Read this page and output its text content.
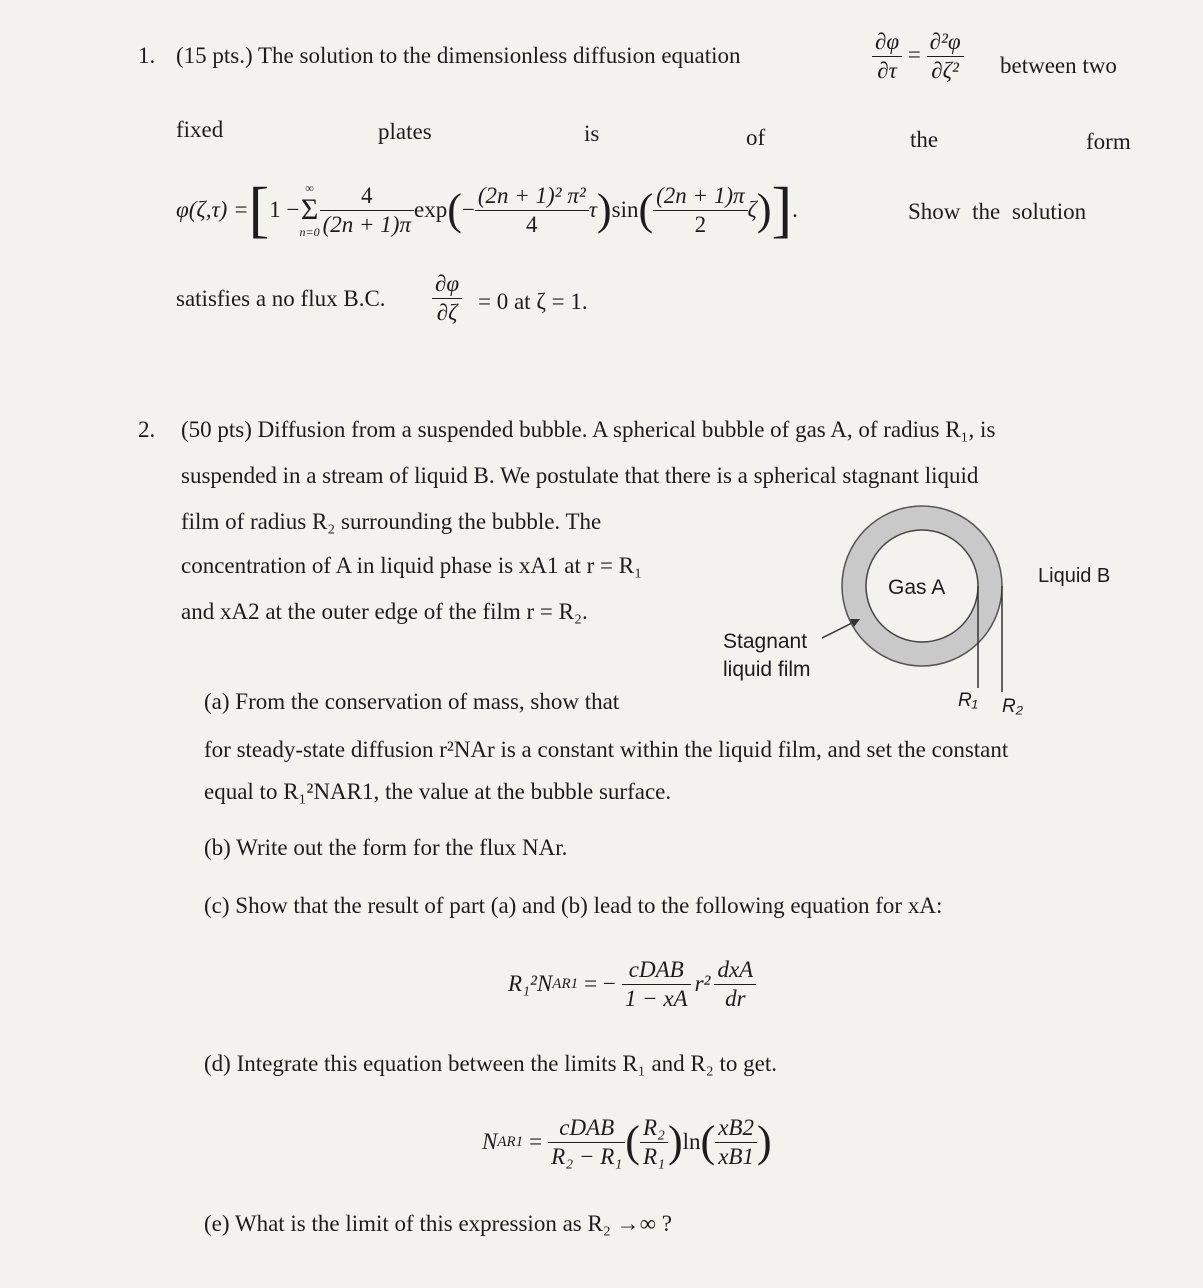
1. (15 pts.) The solution to the dimensionless diffusion equation	$\frac{\partial\varphi}{\partial\tau} = \frac{\text{∂²φ}}{\text{∂ζ²}}$ between two
fixed	plates	is	of	the	form
φ(ζ,τ) = [ 1 −
∞
Σ
$n=0 \frac{4}{(2n + 1)\pi}$ exp ( − $\frac{\text{(2n + 1)² π²}}{4}$ τ ) sin ( $\frac{(2n + 1)\pi}{2}$ ζ ) ] .	Show the solution
satisfies a no flux B.C. $\frac{\partial\varphi}{\partial\zeta} = 0$ at ζ = 1.
2. (50 pts) Diffusion from a suspended bubble. A spherical bubble of gas A, of radius R₁, is
suspended in a stream of liquid B. We postulate that there is a spherical stagnant liquid
film of radius R₂ surrounding the bubble. The
concentration of A in liquid phase is xA1 at r = R₁
and xA2 at the outer edge of the film r = R₂.
Gas A	Liquid B
R₁ R₂
Stagnant
liquid film
(a) From the conservation of mass, show that
for steady-state diffusion r²NAr is a constant within the liquid film, and set the constant
equal to R₁²NAR1, the value at the bubble surface.
(b) Write out the form for the flux NAr.
(c) Show that the result of part (a) and (b) lead to the following equation for xA:
R₁²N AR1 = − $\frac{\text{cDAB}}{1 - xA} r^2 \frac{\text{dxA}}{dr}$
(d) Integrate this equation between the limits R₁ and R₂ to get.
N $AR1 = \frac{\text{cDAB}}{\text{R₂ − R₁}}$ ( $\frac{\text{R₂}}{\text{R₁}}$ ) ln ( $\frac{xB2}{xB1}$ )
(e) What is the limit of this expression as R₂ →∞ ?
